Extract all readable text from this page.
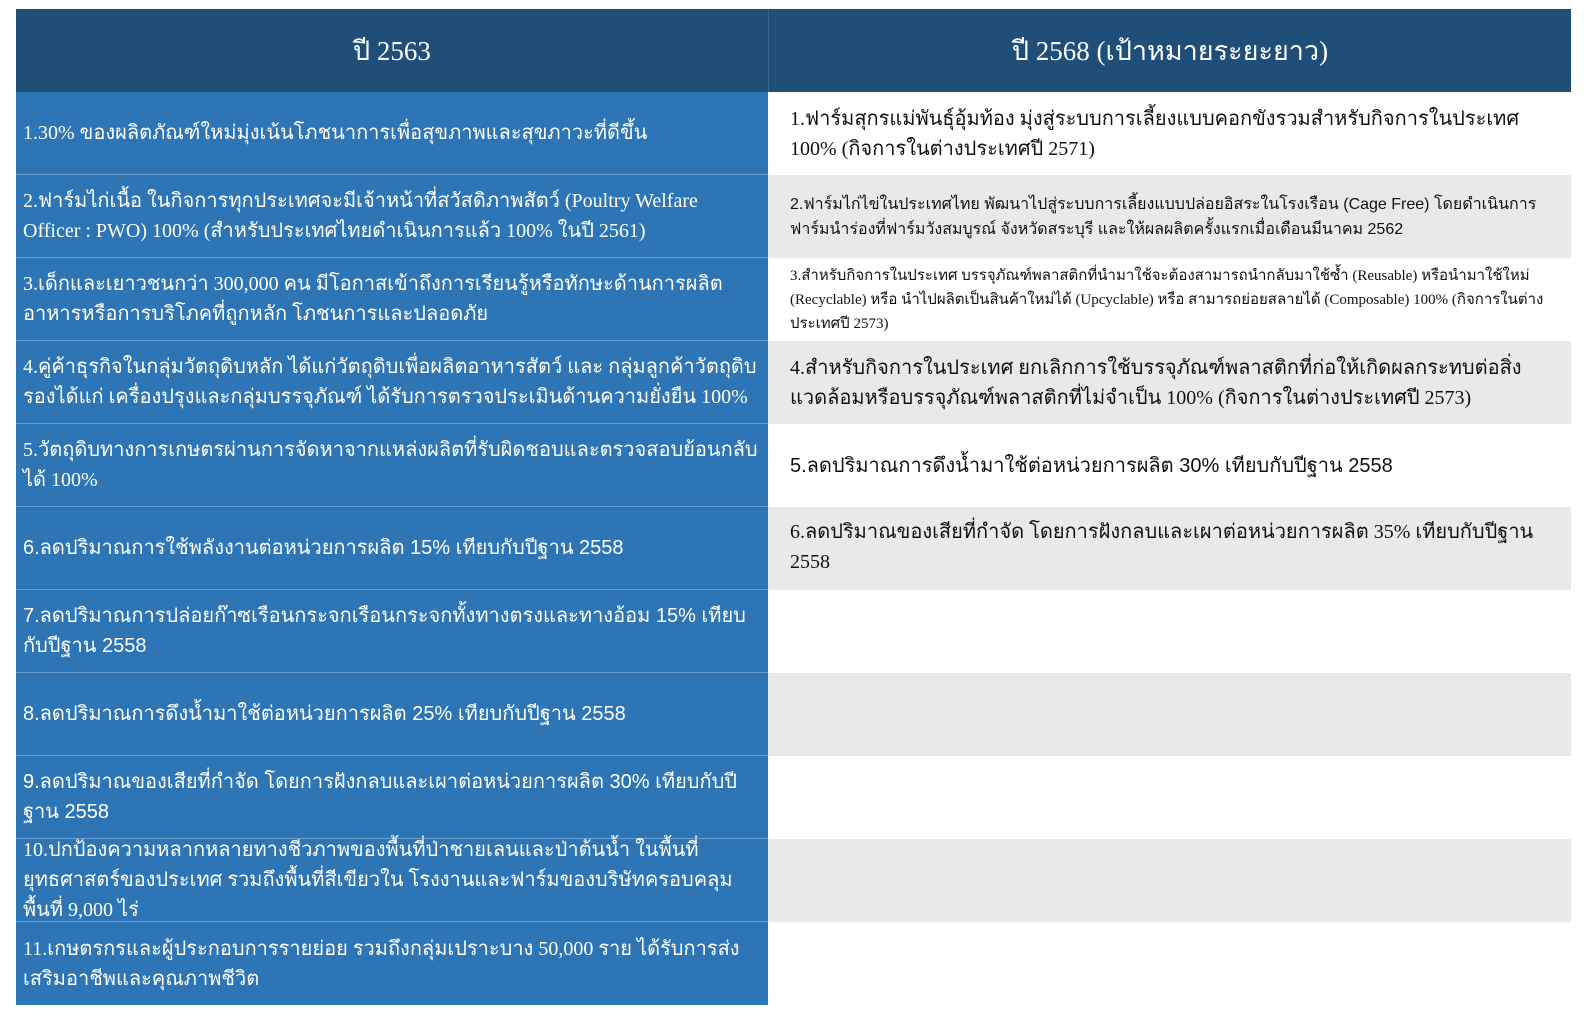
ปี 2563	ปี 2568 (เป้าหมายระยะยาว)
1.30% ของผลิตภัณฑ์ใหม่มุ่งเน้นโภชนาการเพื่อสุขภาพและสุขภาวะที่ดีขึ้น
1.ฟาร์มสุกรแม่พันธุ์อุ้มท้อง มุ่งสู่ระบบการเลี้ยงแบบคอกขังรวมสำหรับกิจการในประเทศ 100% (กิจการในต่างประเทศปี 2571)
2.ฟาร์มไก่เนื้อ ในกิจการทุกประเทศจะมีเจ้าหน้าที่สวัสดิภาพสัตว์ (Poultry Welfare Officer : PWO) 100% (สำหรับประเทศไทยดำเนินการแล้ว 100% ในปี 2561)
2.ฟาร์มไก่ไข่ในประเทศไทย พัฒนาไปสู่ระบบการเลี้ยงแบบปล่อยอิสระในโรงเรือน (Cage Free) โดยดำเนินการฟาร์มนำร่องที่ฟาร์มวังสมบูรณ์ จังหวัดสระบุรี และให้ผลผลิตครั้งแรกเมื่อเดือนมีนาคม 2562
3.เด็กและเยาวชนกว่า 300,000 คน มีโอกาสเข้าถึงการเรียนรู้หรือทักษะด้านการผลิตอาหารหรือการบริโภคที่ถูกหลัก โภชนการและปลอดภัย
3.สำหรับกิจการในประเทศ บรรจุภัณฑ์พลาสติกที่นำมาใช้จะต้องสามารถนำกลับมาใช้ซ้ำ (Reusable) หรือนำมาใช้ใหม่ (Recyclable) หรือ นำไปผลิตเป็นสินค้าใหม่ได้ (Upcyclable) หรือ สามารถย่อยสลายได้ (Composable) 100% (กิจการในต่างประเทศปี 2573)
4.คู่ค้าธุรกิจในกลุ่มวัตถุดิบหลัก ได้แก่วัตถุดิบเพื่อผลิตอาหารสัตว์ และ กลุ่มลูกค้าวัตถุดิบรองได้แก่ เครื่องปรุงและกลุ่มบรรจุภัณฑ์ ได้รับการตรวจประเมินด้านความยั่งยืน 100%
4.สำหรับกิจการในประเทศ ยกเลิกการใช้บรรจุภัณฑ์พลาสติกที่ก่อให้เกิดผลกระทบต่อสิ่งแวดล้อมหรือบรรจุภัณฑ์พลาสติกที่ไม่จำเป็น 100% (กิจการในต่างประเทศปี 2573)
5.วัตถุดิบทางการเกษตรผ่านการจัดหาจากแหล่งผลิตที่รับผิดชอบและตรวจสอบย้อนกลับได้ 100%
5.ลดปริมาณการดึงน้ำมาใช้ต่อหน่วยการผลิต 30% เทียบกับปีฐาน 2558
6.ลดปริมาณการใช้พลังงานต่อหน่วยการผลิต 15% เทียบกับปีฐาน 2558
6.ลดปริมาณของเสียที่กำจัด โดยการฝังกลบและเผาต่อหน่วยการผลิต 35% เทียบกับปีฐาน 2558
7.ลดปริมาณการปล่อยก๊าซเรือนกระจกเรือนกระจกทั้งทางตรงและทางอ้อม 15% เทียบกับปีฐาน 2558
8.ลดปริมาณการดึงน้ำมาใช้ต่อหน่วยการผลิต 25% เทียบกับปีฐาน 2558
9.ลดปริมาณของเสียที่กำจัด โดยการฝังกลบและเผาต่อหน่วยการผลิต 30% เทียบกับปีฐาน 2558
10.ปกป้องความหลากหลายทางชีวภาพของพื้นที่ป่าชายเลนและป่าต้นน้ำ ในพื้นที่ยุทธศาสตร์ของประเทศ รวมถึงพื้นที่สีเขียวใน โรงงานและฟาร์มของบริษัทครอบคลุมพื้นที่ 9,000 ไร่
11.เกษตรกรและผู้ประกอบการรายย่อย รวมถึงกลุ่มเปราะบาง 50,000 ราย ได้รับการส่งเสริมอาชีพและคุณภาพชีวิต
